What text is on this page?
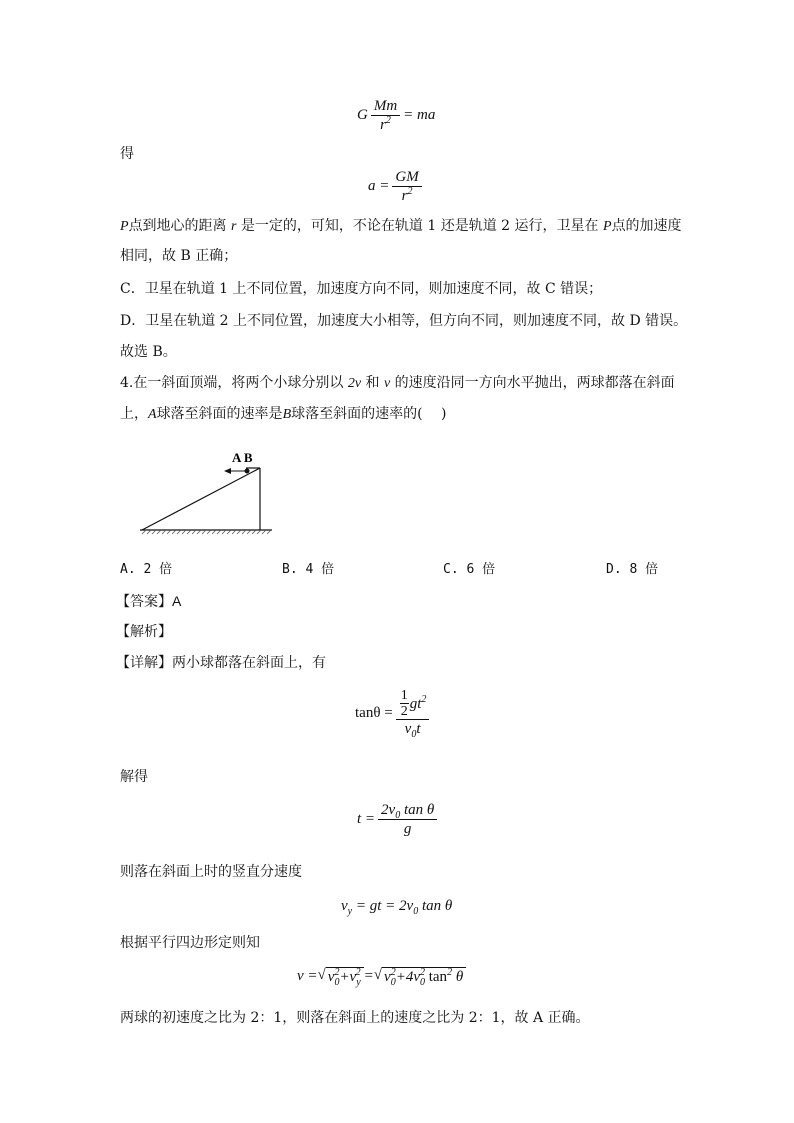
G $\frac{Mm}{r^2}$ = ma
得
$a = \frac{GM}{r^2}$
P点到地心的距离 r 是一定的，可知，不论在轨道 1 还是轨道 2 运行，卫星在 P点的加速度
相同，故 B 正确；
C．卫星在轨道 1 上不同位置，加速度方向不同，则加速度不同，故 C 错误；
D．卫星在轨道 2 上不同位置，加速度大小相等，但方向不同，则加速度不同，故 D 错误。
故选 B。
4.在一斜面顶端，将两个小球分别以 2v 和 v 的速度沿同一方向水平抛出，两球都落在斜面
上，A球落至斜面的速率是B球落至斜面的速率的(　 )
A B
A. 2 倍	B. 4 倍	C. 6 倍	D. 8 倍
【答案】A
【解析】
【详解】两小球都落在斜面上，有
$\tan\theta = \frac{\frac{1}{2} gt^2}{v_0t}$
解得
$t = \frac{2v_0 \tan \theta}{g}$
则落在斜面上时的竖直分速度
$v_y$ = gt = $2v_0$ tan θ
根据平行四边形定则知
v = √ $v_0^2+v_y^2$ = √ $v_0^2+4v_0^2$ $\tan^2 \theta$
两球的初速度之比为 2：1，则落在斜面上的速度之比为 2：1，故 A 正确。
